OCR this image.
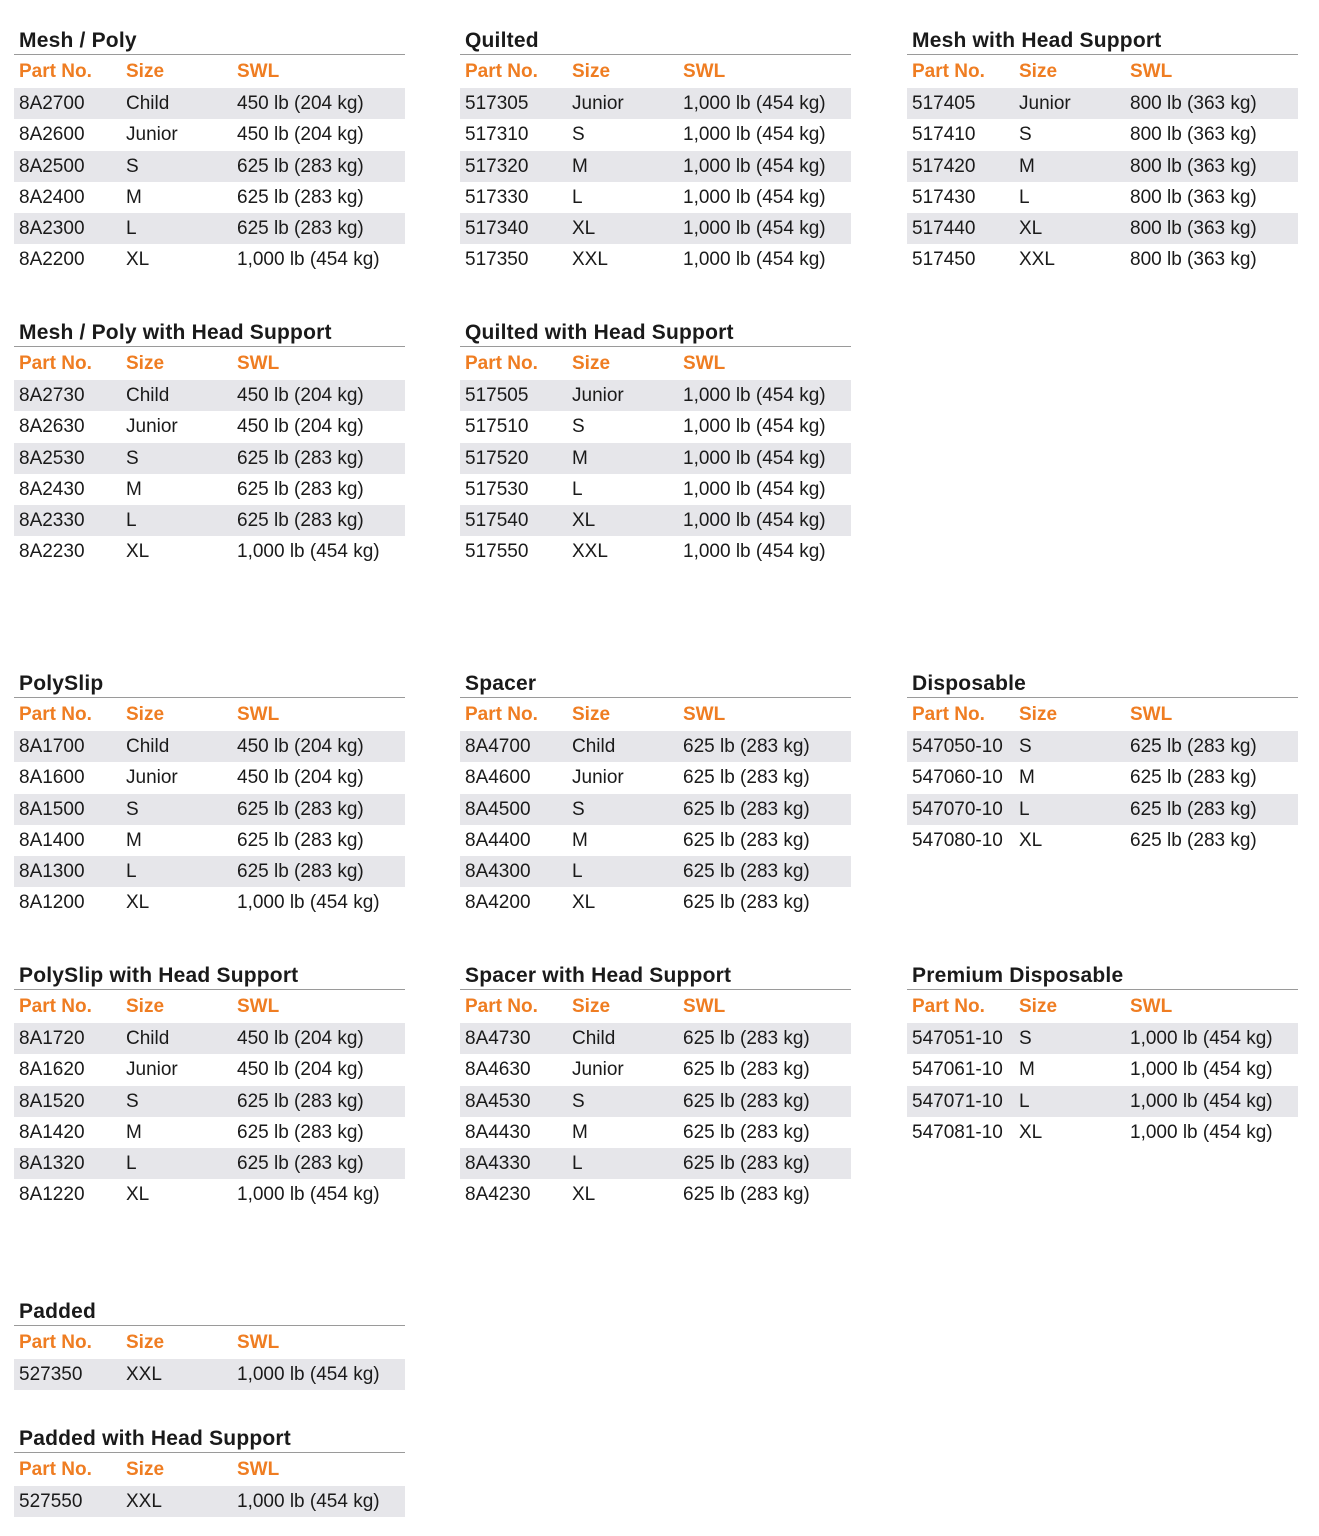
Mesh / Poly
Part No. Size	SWL
8A2700 Child	450 lb (204 kg)
8A2600 Junior	450 lb (204 kg)
8A2500 S	625 lb (283 kg)
8A2400 M	625 lb (283 kg)
8A2300 L	625 lb (283 kg)
8A2200 XL	1,000 lb (454 kg)
Quilted
Part No. Size	SWL
517305 Junior	1,000 lb (454 kg)
517310 S	1,000 lb (454 kg)
517320 M	1,000 lb (454 kg)
517330 L	1,000 lb (454 kg)
517340 XL	1,000 lb (454 kg)
517350 XXL	1,000 lb (454 kg)
Mesh with Head Support
Part No. Size	SWL
517405 Junior	800 lb (363 kg)
517410 S	800 lb (363 kg)
517420 M	800 lb (363 kg)
517430 L	800 lb (363 kg)
517440 XL	800 lb (363 kg)
517450 XXL	800 lb (363 kg)
Mesh / Poly with Head Support
Part No. Size	SWL
8A2730 Child	450 lb (204 kg)
8A2630 Junior	450 lb (204 kg)
8A2530 S	625 lb (283 kg)
8A2430 M	625 lb (283 kg)
8A2330 L	625 lb (283 kg)
8A2230 XL	1,000 lb (454 kg)
Quilted with Head Support
Part No. Size	SWL
517505 Junior	1,000 lb (454 kg)
517510 S	1,000 lb (454 kg)
517520 M	1,000 lb (454 kg)
517530 L	1,000 lb (454 kg)
517540 XL	1,000 lb (454 kg)
517550 XXL	1,000 lb (454 kg)
PolySlip
Part No. Size	SWL
8A1700 Child	450 lb (204 kg)
8A1600 Junior	450 lb (204 kg)
8A1500 S	625 lb (283 kg)
8A1400 M	625 lb (283 kg)
8A1300 L	625 lb (283 kg)
8A1200 XL	1,000 lb (454 kg)
Spacer
Part No. Size	SWL
8A4700 Child	625 lb (283 kg)
8A4600 Junior	625 lb (283 kg)
8A4500 S	625 lb (283 kg)
8A4400 M	625 lb (283 kg)
8A4300 L	625 lb (283 kg)
8A4200 XL	625 lb (283 kg)
Disposable
Part No. Size	SWL
547050-10 S	625 lb (283 kg)
547060-10 M	625 lb (283 kg)
547070-10 L	625 lb (283 kg)
547080-10 XL	625 lb (283 kg)
PolySlip with Head Support
Part No. Size	SWL
8A1720 Child	450 lb (204 kg)
8A1620 Junior	450 lb (204 kg)
8A1520 S	625 lb (283 kg)
8A1420 M	625 lb (283 kg)
8A1320 L	625 lb (283 kg)
8A1220 XL	1,000 lb (454 kg)
Spacer with Head Support
Part No. Size	SWL
8A4730 Child	625 lb (283 kg)
8A4630 Junior	625 lb (283 kg)
8A4530 S	625 lb (283 kg)
8A4430 M	625 lb (283 kg)
8A4330 L	625 lb (283 kg)
8A4230 XL	625 lb (283 kg)
Premium Disposable
Part No. Size	SWL
547051-10 S	1,000 lb (454 kg)
547061-10 M	1,000 lb (454 kg)
547071-10 L	1,000 lb (454 kg)
547081-10 XL	1,000 lb (454 kg)
Padded
Part No. Size	SWL
527350 XXL	1,000 lb (454 kg)
Padded with Head Support
Part No. Size	SWL
527550 XXL	1,000 lb (454 kg)
